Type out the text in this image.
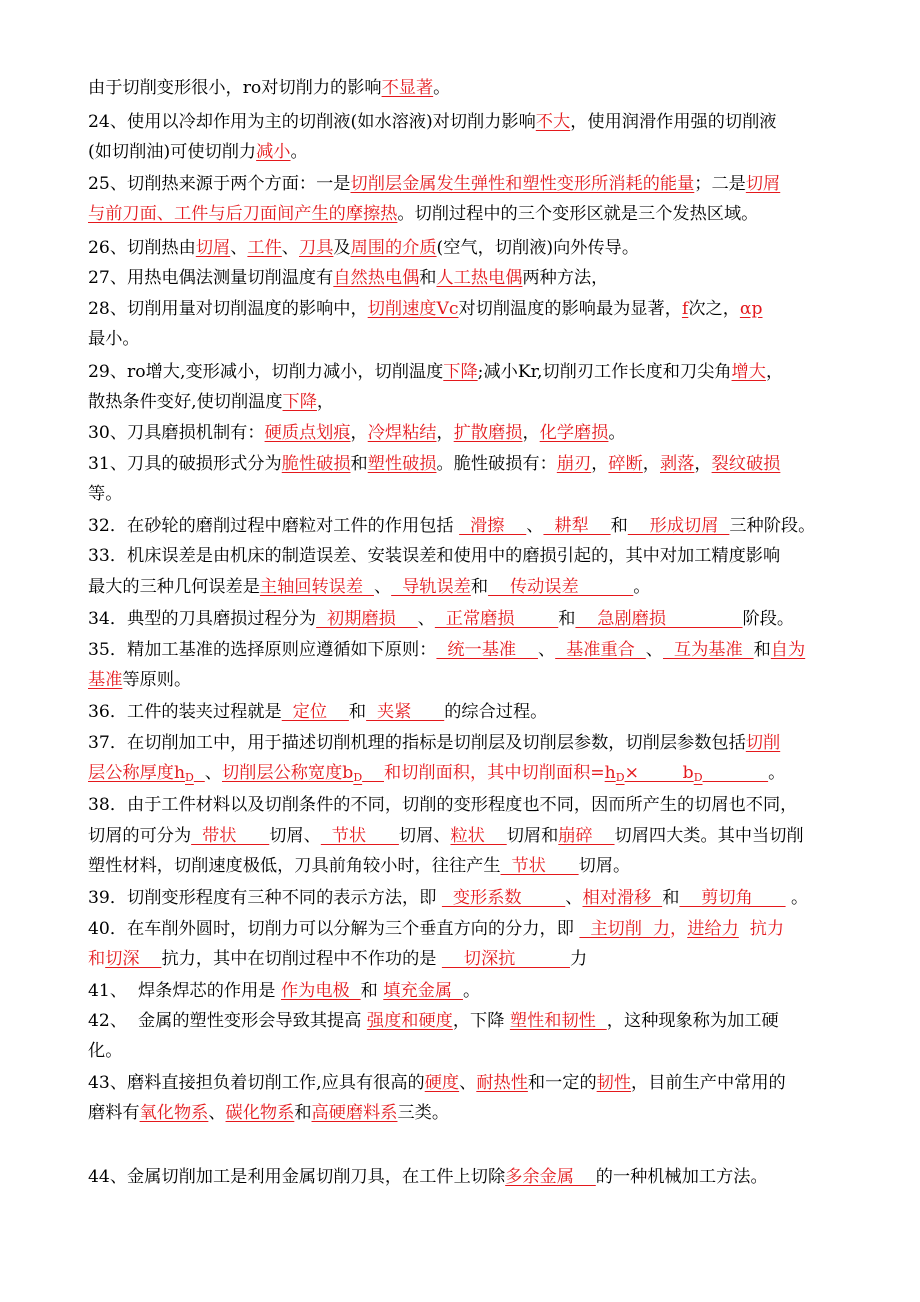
由于切削变形很小，ro对切削力的影响不显著。
24、使用以冷却作用为主的切削液(如水溶液)对切削力影响不大，使用润滑作用强的切削液
(如切削油)可使切削力减小。
25、切削热来源于两个方面：一是切削层金属发生弹性和塑性变形所消耗的能量；二是切屑
与前刀面、工件与后刀面间产生的摩擦热。切削过程中的三个变形区就是三个发热区域。
26、切削热由切屑、工件、刀具及周围的介质(空气，切削液)向外传导。
27、用热电偶法测量切削温度有自然热电偶和人工热电偶两种方法，
28、切削用量对切削温度的影响中，切削速度Vc对切削温度的影响最为显著，f次之，αp
最小。
29、ro增大,变形减小，切削力减小，切削温度下降;减小Kr,切削刃工作长度和刀尖角增大，
散热条件变好,使切削温度下降，
30、刀具磨损机制有：硬质点划痕，冷焊粘结，扩散磨损，化学磨损。
31、刀具的破损形式分为脆性破损和塑性破损。脆性破损有：崩刃，碎断，剥落，裂纹破损
等。
32．在砂轮的磨削过程中磨粒对工件的作用包括   滑擦    、  耕犁    和    形成切屑  三种阶段。
33．机床误差是由机床的制造误差、安装误差和使用中的磨损引起的，其中对加工精度影响
最大的三种几何误差是主轴回转误差  、  导轨误差和    传动误差          。
34．典型的刀具磨损过程分为  初期磨损    、  正常磨损        和    急剧磨损              阶段。
35．精加工基准的选择原则应遵循如下原则：  统一基准    、  基准重合  、  互为基准  和自为
基准等原则。
36．工件的装夹过程就是  定位    和  夹紧      的综合过程。
37．在切削加工中，用于描述切削机理的指标是切削层及切削层参数，切削层参数包括切削
层公称厚度$h_D$ 、切削层公称宽度$b_D$ 和切削面积，其中切削面积$=h_D\times$        $b_D$	。
38．由于工件材料以及切削条件的不同，切削的变形程度也不同，因而所产生的切屑也不同，
切屑的可分为  带状      切屑、  节状      切屑、粒状    切屑和崩碎    切屑四大类。其中当切削
塑性材料，切削速度极低，刀具前角较小时，往往产生  节状      切屑。
39．切削变形程度有三种不同的表示方法，即   变形系数        、相对滑移  和    剪切角       。
40．在车削外圆时，切削力可以分解为三个垂直方向的分力，即   主切削  力，进给力  抗力
和切深    抗力，其中在切削过程中不作功的是     切深抗          力
41、  焊条焊芯的作用是 作为电极  和 填充金属  。
42、  金属的塑性变形会导致其提高 强度和硬度，下降 塑性和韧性  ，这种现象称为加工硬
化。
43、磨料直接担负着切削工作,应具有很高的硬度、耐热性和一定的韧性，目前生产中常用的
磨料有氧化物系、碳化物系和高硬磨料系三类。
44、金属切削加工是利用金属切削刀具，在工件上切除多余金属    的一种机械加工方法。
